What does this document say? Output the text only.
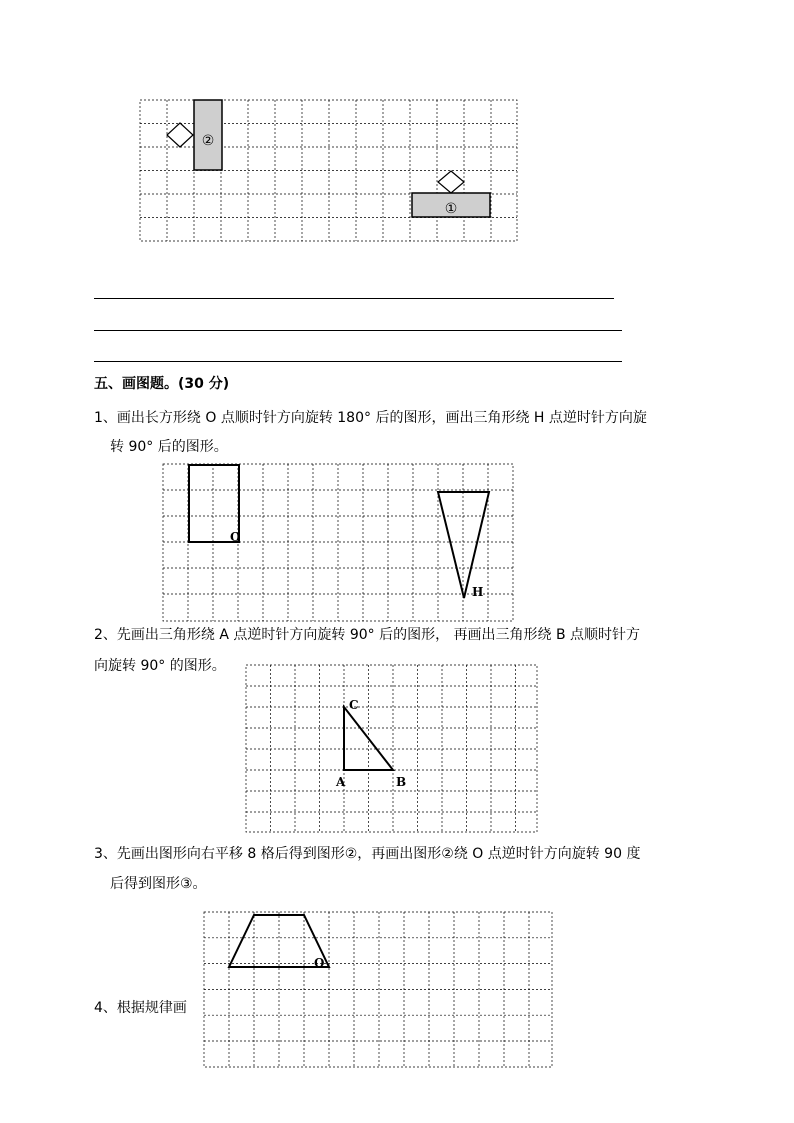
②
①
五、画图题。(30 分)
1、画出长方形绕 O 点顺时针方向旋转 180° 后的图形，画出三角形绕 H 点逆时针方向旋
转 90° 后的图形。
O
H
2、先画出三角形绕 A 点逆时针方向旋转 90° 后的图形， 再画出三角形绕 B 点顺时针方
向旋转 90° 的图形。
C
A	B
3、先画出图形向右平移 8 格后得到图形②，再画出图形②绕 O 点逆时针方向旋转 90 度
后得到图形③。
O
4、根据规律画
